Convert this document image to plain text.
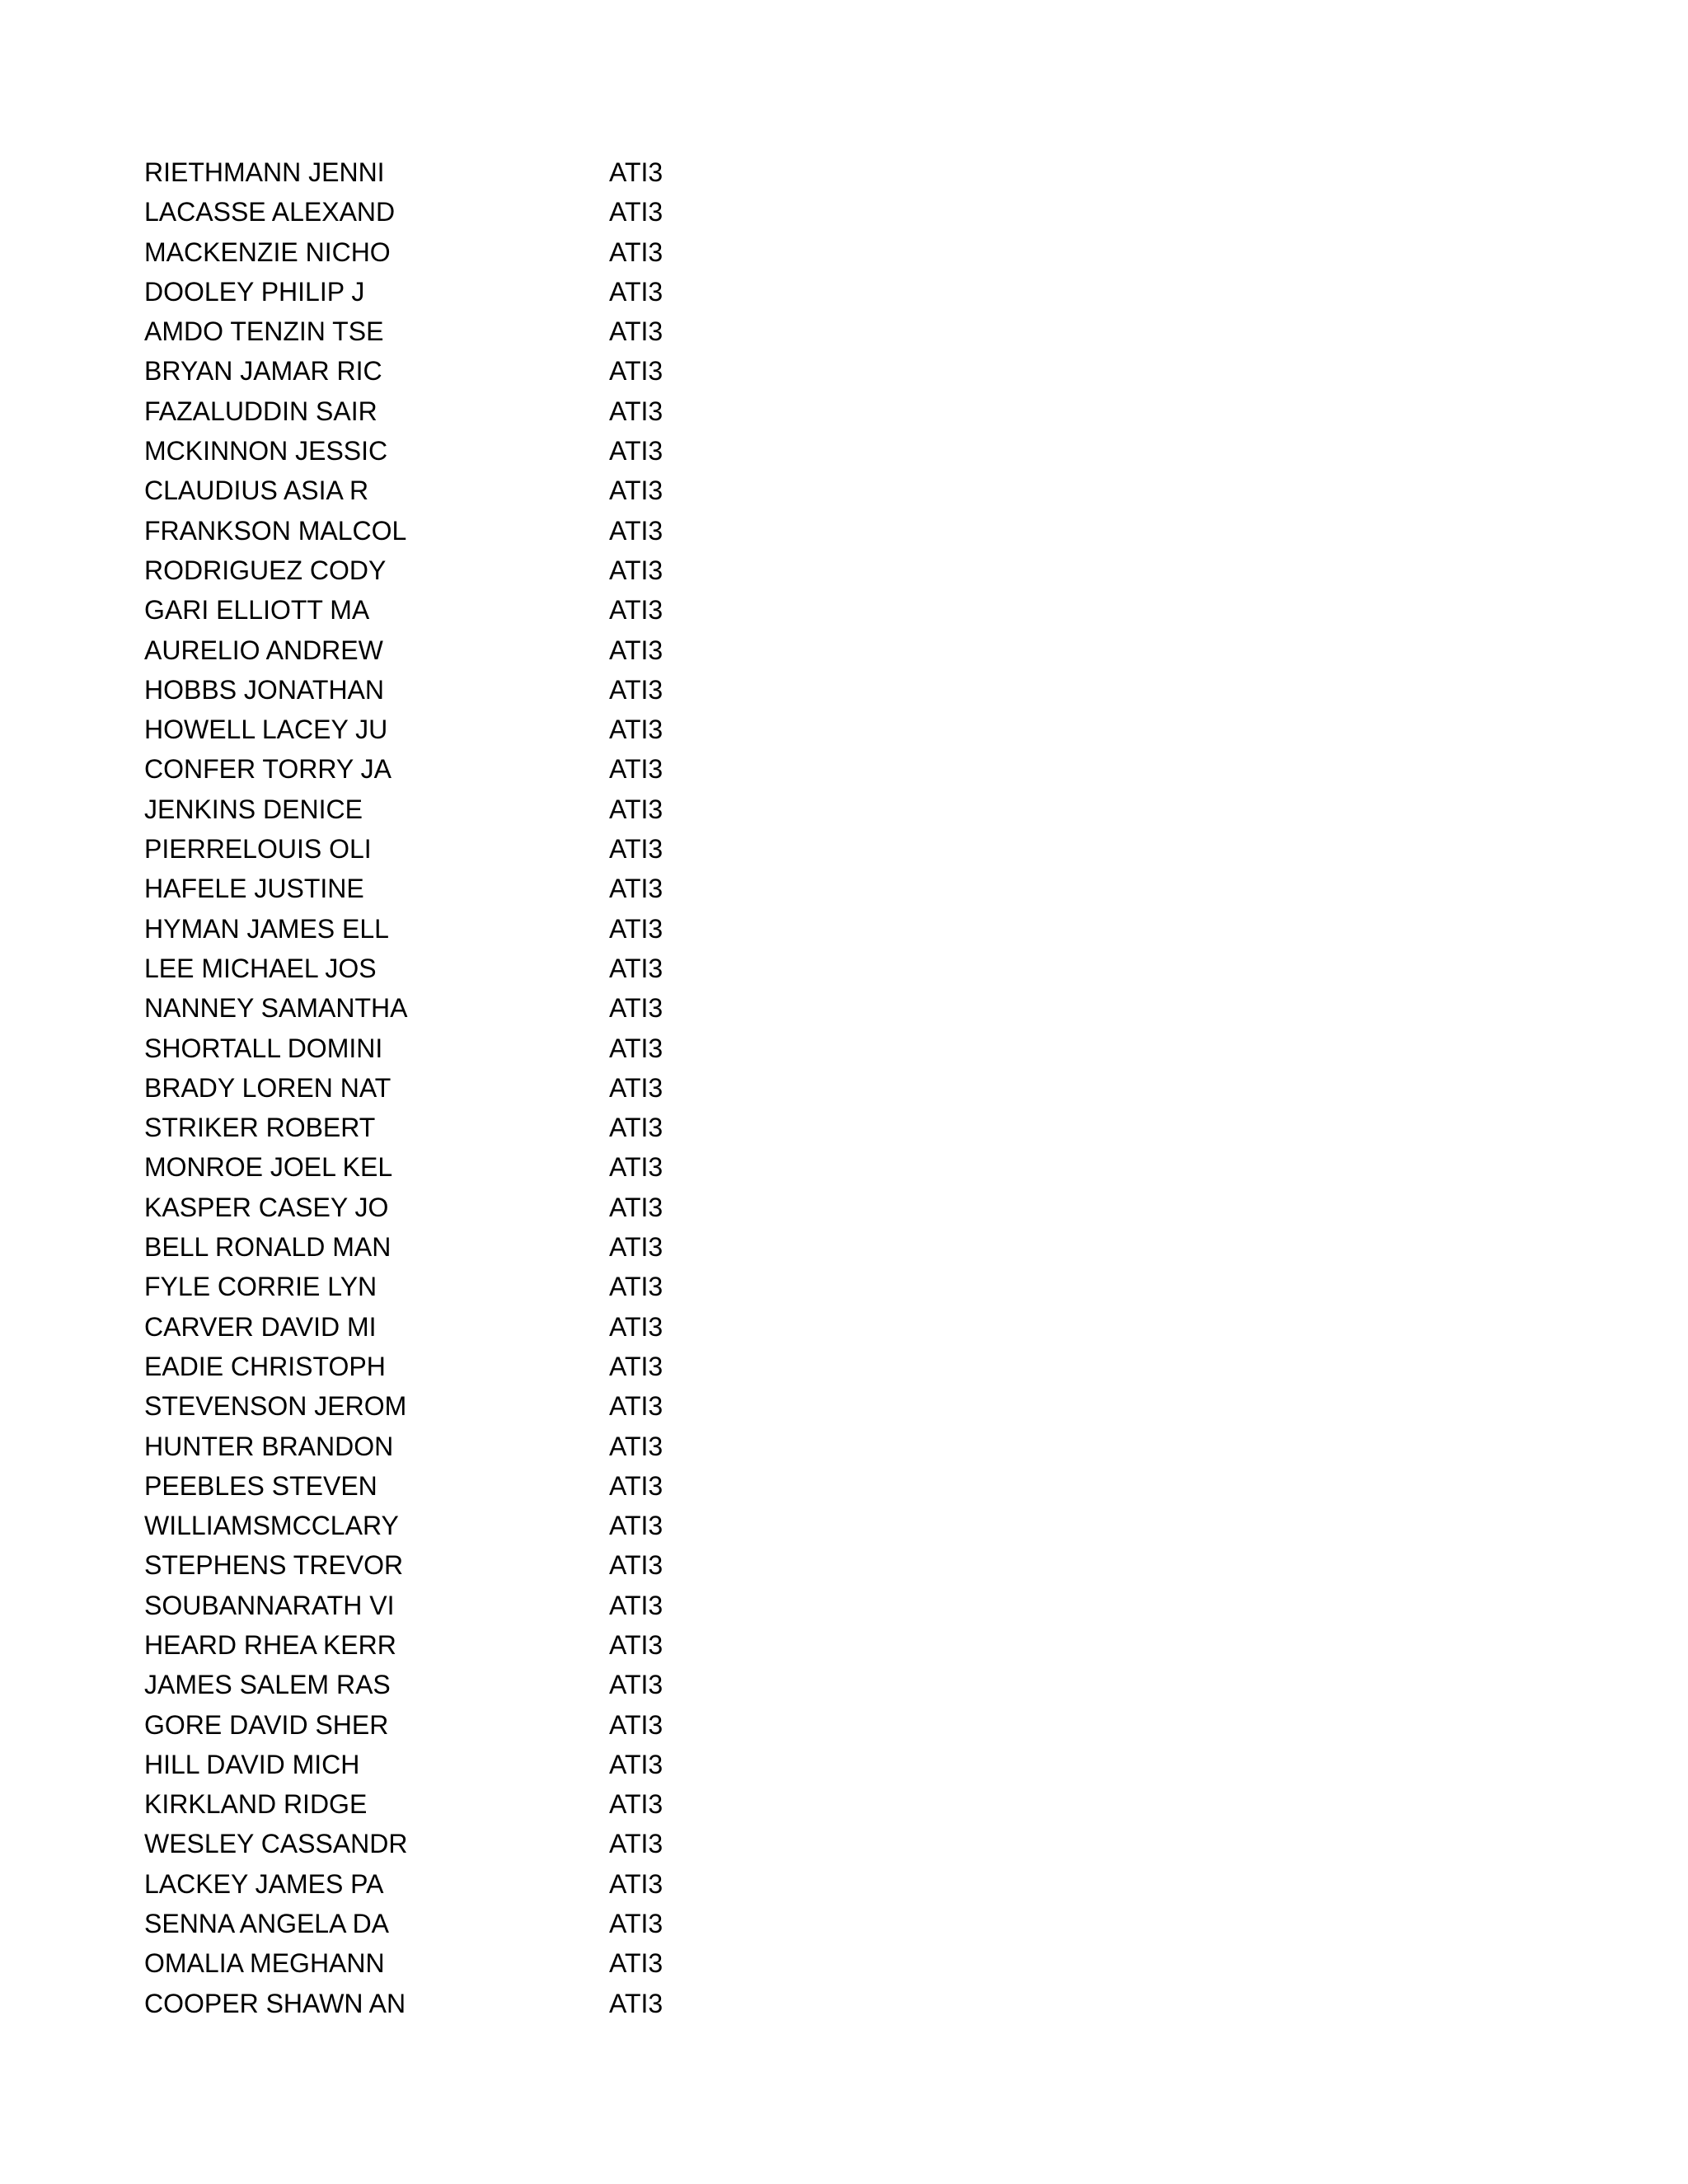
RIETHMANN JENNI	ATI3
LACASSE ALEXAND	ATI3
MACKENZIE NICHO	ATI3
DOOLEY PHILIP J	ATI3
AMDO TENZIN TSE	ATI3
BRYAN JAMAR RIC	ATI3
FAZALUDDIN SAIR	ATI3
MCKINNON JESSIC	ATI3
CLAUDIUS ASIA R	ATI3
FRANKSON MALCOL	ATI3
RODRIGUEZ CODY	ATI3
GARI ELLIOTT MA	ATI3
AURELIO ANDREW	ATI3
HOBBS JONATHAN	ATI3
HOWELL LACEY JU	ATI3
CONFER TORRY JA	ATI3
JENKINS DENICE	ATI3
PIERRELOUIS OLI	ATI3
HAFELE JUSTINE	ATI3
HYMAN JAMES ELL	ATI3
LEE MICHAEL JOS	ATI3
NANNEY SAMANTHA	ATI3
SHORTALL DOMINI	ATI3
BRADY LOREN NAT	ATI3
STRIKER ROBERT	ATI3
MONROE JOEL KEL	ATI3
KASPER CASEY JO	ATI3
BELL RONALD MAN	ATI3
FYLE CORRIE LYN	ATI3
CARVER DAVID MI	ATI3
EADIE CHRISTOPH	ATI3
STEVENSON JEROM	ATI3
HUNTER BRANDON	ATI3
PEEBLES STEVEN	ATI3
WILLIAMSMCCLARY	ATI3
STEPHENS TREVOR	ATI3
SOUBANNARATH VI	ATI3
HEARD RHEA KERR	ATI3
JAMES SALEM RAS	ATI3
GORE DAVID SHER	ATI3
HILL DAVID MICH	ATI3
KIRKLAND RIDGE	ATI3
WESLEY CASSANDR	ATI3
LACKEY JAMES PA	ATI3
SENNA ANGELA DA	ATI3
OMALIA MEGHANN	ATI3
COOPER SHAWN AN	ATI3
